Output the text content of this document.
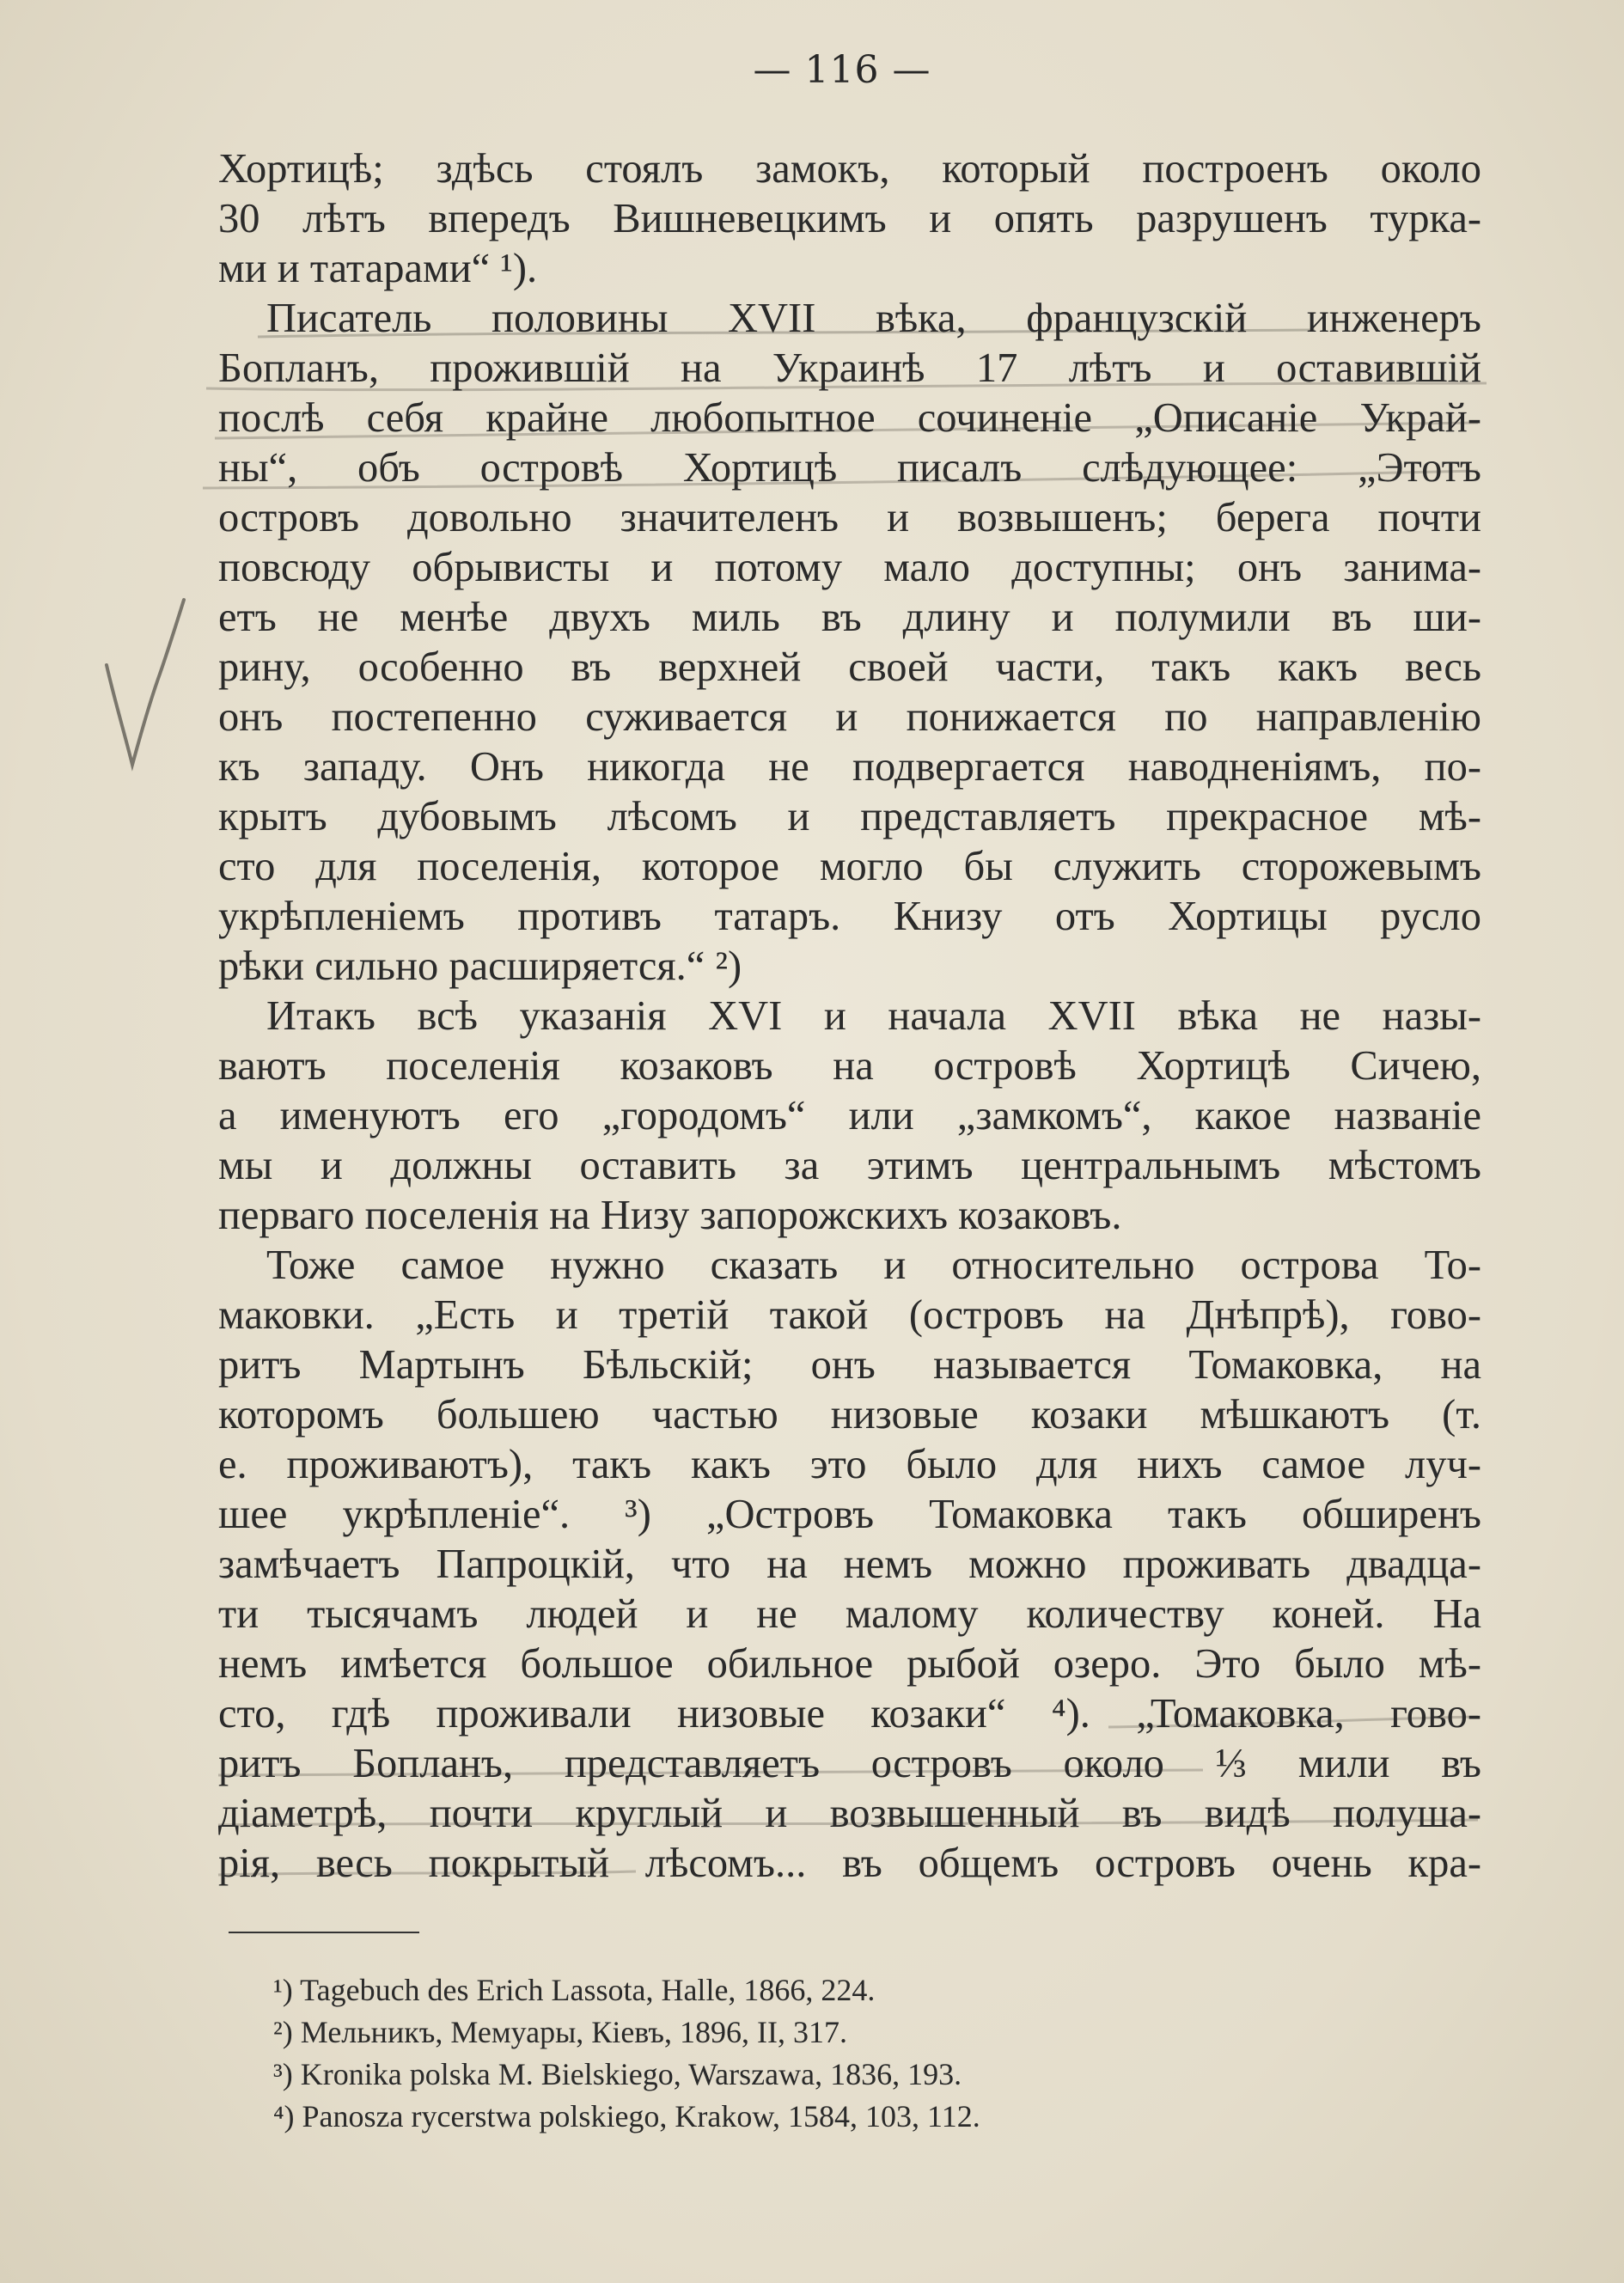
— 116 —

Хортицѣ; здѣсь стоялъ замокъ, который построенъ около
30 лѣтъ впередъ Вишневецкимъ и опять разрушенъ турка-
ми и татарами“ ¹).

Писатель половины XVII вѣка, французскій инженеръ
Бопланъ, прожившій на Украинѣ 17 лѣтъ и оставившій
послѣ себя крайне любопытное сочиненіе „Описаніе Украй-
ны“, объ островѣ Хортицѣ писалъ слѣдующее: „Этотъ
островъ довольно значителенъ и возвышенъ; берега почти
повсюду обрывисты и потому мало доступны; онъ занима-
етъ не менѣе двухъ миль въ длину и полумили въ ши-
рину, особенно въ верхней своей части, такъ какъ весь
онъ постепенно суживается и понижается по направленію
къ западу. Онъ никогда не подвергается наводненіямъ, по-
крытъ дубовымъ лѣсомъ и представляетъ прекрасное мѣ-
сто для поселенія, которое могло бы служить сторожевымъ
укрѣпленіемъ противъ татаръ. Книзу отъ Хортицы русло
рѣки сильно расширяется.“ ²)

Итакъ всѣ указанія XVI и начала XVII вѣка не назы-
ваютъ поселенія козаковъ на островѣ Хортицѣ Сичею,
а именуютъ его „городомъ“ или „замкомъ“, какое названіе
мы и должны оставить за этимъ центральнымъ мѣстомъ
перваго поселенія на Низу запорожскихъ козаковъ.

Тоже самое нужно сказать и относительно острова То-
маковки. „Есть и третій такой (островъ на Днѣпрѣ), гово-
ритъ Мартынъ Бѣльскій; онъ называется Томаковка, на
которомъ большею частью низовые козаки мѣшкаютъ (т.
е. проживаютъ), такъ какъ это было для нихъ самое луч-
шее укрѣпленіе“. ³) „Островъ Томаковка такъ обширенъ
замѣчаетъ Папроцкій, что на немъ можно проживать двадца-
ти тысячамъ людей и не малому количеству коней. На
немъ имѣется большое обильное рыбой озеро. Это было мѣ-
сто, гдѣ проживали низовые козаки“ ⁴). „Томаковка, гово-
ритъ Бопланъ, представляетъ островъ около ⅓ мили въ
діаметрѣ, почти круглый и возвышенный въ видѣ полуша-
рія, весь покрытый лѣсомъ... въ общемъ островъ очень кра-

¹) Tagebuch des Erich Lassota, Halle, 1866, 224.
²) Мельникъ, Мемуары, Кіевъ, 1896, II, 317.
³) Kronika polska M. Bielskiego, Warszawa, 1836, 193.
⁴) Panosza rycerstwa polskiego, Krakow, 1584, 103, 112.
